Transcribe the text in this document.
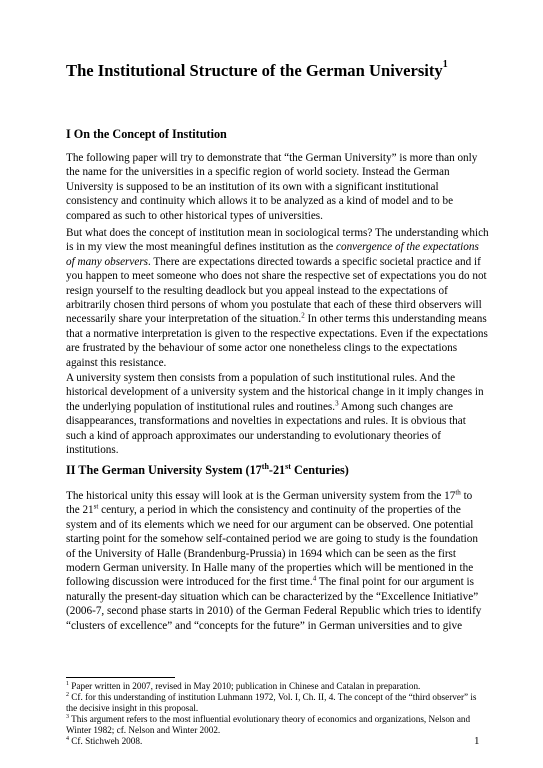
The Institutional Structure of the German University$^1$
I On the Concept of Institution
The following paper will try to demonstrate that “the German University” is more than only
the name for the universities in a specific region of world society. Instead the German
University is supposed to be an institution of its own with a significant institutional
consistency and continuity which allows it to be analyzed as a kind of model and to be
compared as such to other historical types of universities.
But what does the concept of institution mean in sociological terms? The understanding which
is in my view the most meaningful defines institution as the convergence of the expectations
of many observers. There are expectations directed towards a specific societal practice and if
you happen to meet someone who does not share the respective set of expectations you do not
resign yourself to the resulting deadlock but you appeal instead to the expectations of
arbitrarily chosen third persons of whom you postulate that each of these third observers will
necessarily share your interpretation of the situation.$^2$ In other terms this understanding means
that a normative interpretation is given to the respective expectations. Even if the expectations
are frustrated by the behaviour of some actor one nonetheless clings to the expectations
against this resistance.
A university system then consists from a population of such institutional rules. And the
historical development of a university system and the historical change in it imply changes in
the underlying population of institutional rules and routines.$^3$ Among such changes are
disappearances, transformations and novelties in expectations and rules. It is obvious that
such a kind of approach approximates our understanding to evolutionary theories of
institutions.
II The German University System (17th-21st Centuries)
The historical unity this essay will look at is the German university system from the 17th to
the 21st century, a period in which the consistency and continuity of the properties of the
system and of its elements which we need for our argument can be observed. One potential
starting point for the somehow self-contained period we are going to study is the foundation
of the University of Halle (Brandenburg-Prussia) in 1694 which can be seen as the first
modern German university. In Halle many of the properties which will be mentioned in the
following discussion were introduced for the first time.$^4$ The final point for our argument is
naturally the present-day situation which can be characterized by the “Excellence Initiative”
(2006-7, second phase starts in 2010) of the German Federal Republic which tries to identify
“clusters of excellence” and “concepts for the future” in German universities and to give
$^1$ Paper written in 2007, revised in May 2010; publication in Chinese and Catalan in preparation.
$^2$ Cf. for this understanding of institution Luhmann 1972, Vol. I, Ch. II, 4. The concept of the “third observer” is
the decisive insight in this proposal.
$^3$ This argument refers to the most influential evolutionary theory of economics and organizations, Nelson and
Winter 1982; cf. Nelson and Winter 2002.
$^4$ Cf. Stichweh 2008.	1
